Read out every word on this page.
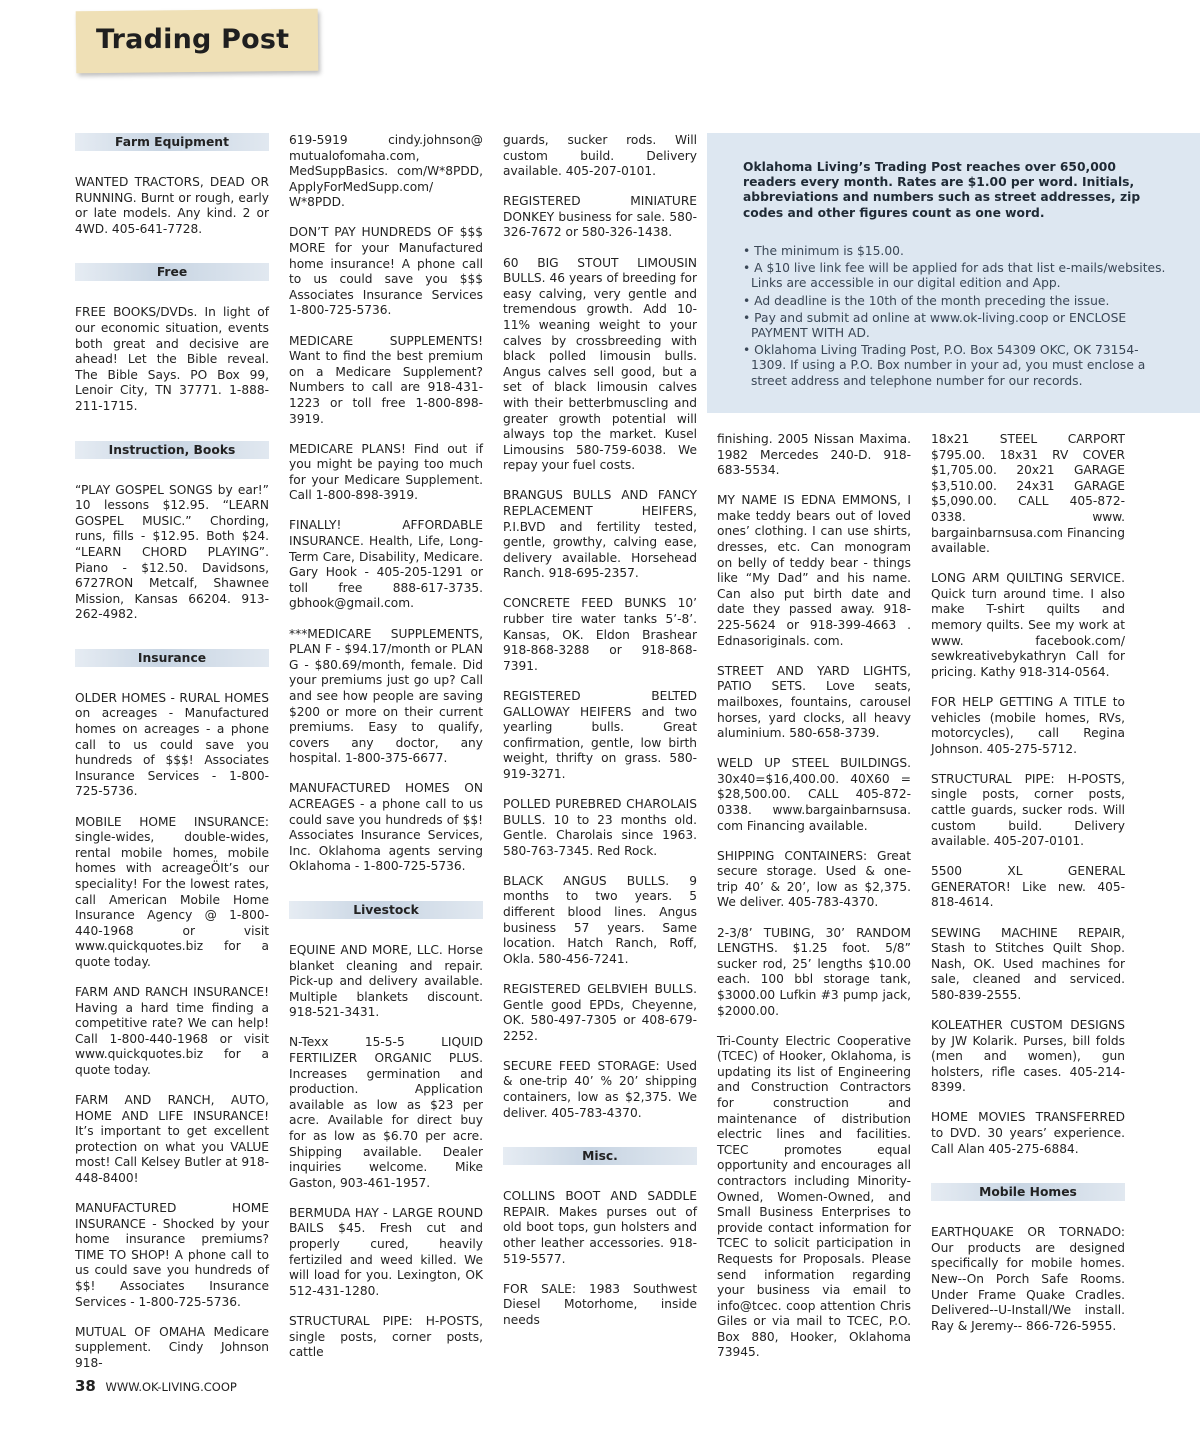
Trading Post

Oklahoma Living’s Trading Post reaches over 650,000 readers every month. Rates are $1.00 per word. Initials, abbreviations and numbers such as street addresses, zip codes and other figures count as one word.

• The minimum is $15.00.
• A $10 live link fee will be applied for ads that list e-mails/websites. Links are accessible in our digital edition and App.
• Ad deadline is the 10th of the month preceding the issue.
• Pay and submit ad online at www.ok-living.coop or ENCLOSE PAYMENT WITH AD.
• Oklahoma Living Trading Post, P.O. Box 54309 OKC, OK 73154-1309. If using a P.O. Box number in your ad, you must enclose a street address and telephone number for our records.
Farm Equipment

WANTED TRACTORS, DEAD OR RUNNING. Burnt or rough, early or late models. Any kind. 2 or 4WD. 405-641-7728.

Free

FREE BOOKS/DVDs. In light of our economic situation, events both great and decisive are ahead! Let the Bible reveal. The Bible Says. PO Box 99, Lenoir City, TN 37771. 1-888-211-1715.

Instruction, Books

“PLAY GOSPEL SONGS by ear!” 10 lessons $12.95. “LEARN GOSPEL MUSIC.” Chording, runs, fills - $12.95. Both $24. “LEARN CHORD PLAYING”. Piano - $12.50. Davidsons, 6727RON Metcalf, Shawnee Mission, Kansas 66204. 913-262-4982.

Insurance

OLDER HOMES - RURAL HOMES on acreages - Manufactured homes on acreages - a phone call to us could save you hundreds of $$$! Associates Insurance Services - 1-800-725-5736.

MOBILE HOME INSURANCE: single-wides, double-wides, rental mobile homes, mobile homes with acreageÖIt’s our speciality! For the lowest rates, call American Mobile Home Insurance Agency @ 1-800-440-1968 or visit www.quickquotes.biz for a quote today.

FARM AND RANCH INSURANCE! Having a hard time finding a competitive rate? We can help! Call 1-800-440-1968 or visit www.quickquotes.biz for a quote today.

FARM AND RANCH, AUTO, HOME AND LIFE INSURANCE! It’s important to get excellent protection on what you VALUE most! Call Kelsey Butler at 918-448-8400!

MANUFACTURED HOME INSURANCE - Shocked by your home insurance premiums? TIME TO SHOP! A phone call to us could save you hundreds of $$! Associates Insurance Services - 1-800-725-5736.

MUTUAL OF OMAHA Medicare supplement. Cindy Johnson 918-

619-5919 cindy.johnson@ mutualofomaha.com, MedSuppBasics. com/W*8PDD, ApplyForMedSupp.com/ W*8PDD.

DON’T PAY HUNDREDS OF $$$ MORE for your Manufactured home insurance! A phone call to us could save you $$$ Associates Insurance Services 1-800-725-5736.

MEDICARE SUPPLEMENTS! Want to find the best premium on a Medicare Supplement? Numbers to call are 918-431-1223 or toll free 1-800-898-3919.

MEDICARE PLANS! Find out if you might be paying too much for your Medicare Supplement. Call 1-800-898-3919.

FINALLY! AFFORDABLE INSURANCE. Health, Life, Long-Term Care, Disability, Medicare. Gary Hook - 405-205-1291 or toll free 888-617-3735. gbhook@gmail.com.

***MEDICARE SUPPLEMENTS, PLAN F - $94.17/month or PLAN G - $80.69/month, female. Did your premiums just go up? Call and see how people are saving $200 or more on their current premiums. Easy to qualify, covers any doctor, any hospital. 1-800-375-6677.

MANUFACTURED HOMES ON ACREAGES - a phone call to us could save you hundreds of $$! Associates Insurance Services, Inc. Oklahoma agents serving Oklahoma - 1-800-725-5736.

Livestock

EQUINE AND MORE, LLC. Horse blanket cleaning and repair. Pick-up and delivery available. Multiple blankets discount. 918-521-3431.

N-Texx 15-5-5 LIQUID FERTILIZER ORGANIC PLUS. Increases germination and production. Application available as low as $23 per acre. Available for direct buy for as low as $6.70 per acre. Shipping available. Dealer inquiries welcome. Mike Gaston, 903-461-1957.

BERMUDA HAY - LARGE ROUND BAILS $45. Fresh cut and properly cured, heavily fertiziled and weed killed. We will load for you. Lexington, OK 512-431-1280.

STRUCTURAL PIPE: H-POSTS, single posts, corner posts, cattle

guards, sucker rods. Will custom build. Delivery available. 405-207-0101.

REGISTERED MINIATURE DONKEY business for sale. 580-326-7672 or 580-326-1438.

60 BIG STOUT LIMOUSIN BULLS. 46 years of breeding for easy calving, very gentle and tremendous growth. Add 10-11% weaning weight to your calves by crossbreeding with black polled limousin bulls. Angus calves sell good, but a set of black limousin calves with their betterbmuscling and greater growth potential will always top the market. Kusel Limousins 580-759-6038. We repay your fuel costs.

BRANGUS BULLS AND FANCY REPLACEMENT HEIFERS, P.I.BVD and fertility tested, gentle, growthy, calving ease, delivery available. Horsehead Ranch. 918-695-2357.

CONCRETE FEED BUNKS 10’ rubber tire water tanks 5’-8’. Kansas, OK. Eldon Brashear 918-868-3288 or 918-868-7391.

REGISTERED BELTED GALLOWAY HEIFERS and two yearling bulls. Great confirmation, gentle, low birth weight, thrifty on grass. 580-919-3271.

POLLED PUREBRED CHAROLAIS BULLS. 10 to 23 months old. Gentle. Charolais since 1963. 580-763-7345. Red Rock.

BLACK ANGUS BULLS. 9 months to two years. 5 different blood lines. Angus business 57 years. Same location. Hatch Ranch, Roff, Okla. 580-456-7241.

REGISTERED GELBVIEH BULLS. Gentle good EPDs, Cheyenne, OK. 580-497-7305 or 408-679-2252.

SECURE FEED STORAGE: Used & one-trip 40’ % 20’ shipping containers, low as $2,375. We deliver. 405-783-4370.

Misc.

COLLINS BOOT AND SADDLE REPAIR. Makes purses out of old boot tops, gun holsters and other leather accessories. 918-519-5577.

FOR SALE: 1983 Southwest Diesel Motorhome, inside needs

finishing. 2005 Nissan Maxima. 1982 Mercedes 240-D. 918-683-5534.

MY NAME IS EDNA EMMONS, I make teddy bears out of loved ones’ clothing. I can use shirts, dresses, etc. Can monogram on belly of teddy bear - things like “My Dad” and his name. Can also put birth date and date they passed away. 918-225-5624 or 918-399-4663 . Ednasoriginals. com.

STREET AND YARD LIGHTS, PATIO SETS. Love seats, mailboxes, fountains, carousel horses, yard clocks, all heavy aluminium. 580-658-3739.

WELD UP STEEL BUILDINGS. 30x40=$16,400.00. 40X60 = $28,500.00. CALL 405-872-0338. www.bargainbarnsusa. com Financing available.

SHIPPING CONTAINERS: Great secure storage. Used & one-trip 40’ & 20’, low as $2,375. We deliver. 405-783-4370.

2-3/8’ TUBING, 30’ RANDOM LENGTHS. $1.25 foot. 5/8” sucker rod, 25’ lengths $10.00 each. 100 bbl storage tank, $3000.00 Lufkin #3 pump jack, $2000.00.

Tri-County Electric Cooperative (TCEC) of Hooker, Oklahoma, is updating its list of Engineering and Construction Contractors for construction and maintenance of distribution electric lines and facilities. TCEC promotes equal opportunity and encourages all contractors including Minority-Owned, Women-Owned, and Small Business Enterprises to provide contact information for TCEC to solicit participation in Requests for Proposals. Please send information regarding your business via email to info@tcec. coop attention Chris Giles or via mail to TCEC, P.O. Box 880, Hooker, Oklahoma 73945.

18x21 STEEL CARPORT $795.00. 18x31 RV COVER $1,705.00. 20x21 GARAGE $3,510.00. 24x31 GARAGE $5,090.00. CALL 405-872-0338. www. bargainbarnsusa.com Financing available.

LONG ARM QUILTING SERVICE. Quick turn around time. I also make T-shirt quilts and memory quilts. See my work at www. facebook.com/ sewkreativebykathryn Call for pricing. Kathy 918-314-0564.

FOR HELP GETTING A TITLE to vehicles (mobile homes, RVs, motorcycles), call Regina Johnson. 405-275-5712.

STRUCTURAL PIPE: H-POSTS, single posts, corner posts, cattle guards, sucker rods. Will custom build. Delivery available. 405-207-0101.

5500 XL GENERAL GENERATOR! Like new. 405-818-4614.

SEWING MACHINE REPAIR, Stash to Stitches Quilt Shop. Nash, OK. Used machines for sale, cleaned and serviced. 580-839-2555.

KOLEATHER CUSTOM DESIGNS by JW Kolarik. Purses, bill folds (men and women), gun holsters, rifle cases. 405-214-8399.

HOME MOVIES TRANSFERRED to DVD. 30 years’ experience. Call Alan 405-275-6884.

Mobile Homes

EARTHQUAKE OR TORNADO: Our products are designed specifically for mobile homes. New--On Porch Safe Rooms. Under Frame Quake Cradles. Delivered--U-Install/We install. Ray & Jeremy-- 866-726-5955.

38 WWW.OK-LIVING.COOP
